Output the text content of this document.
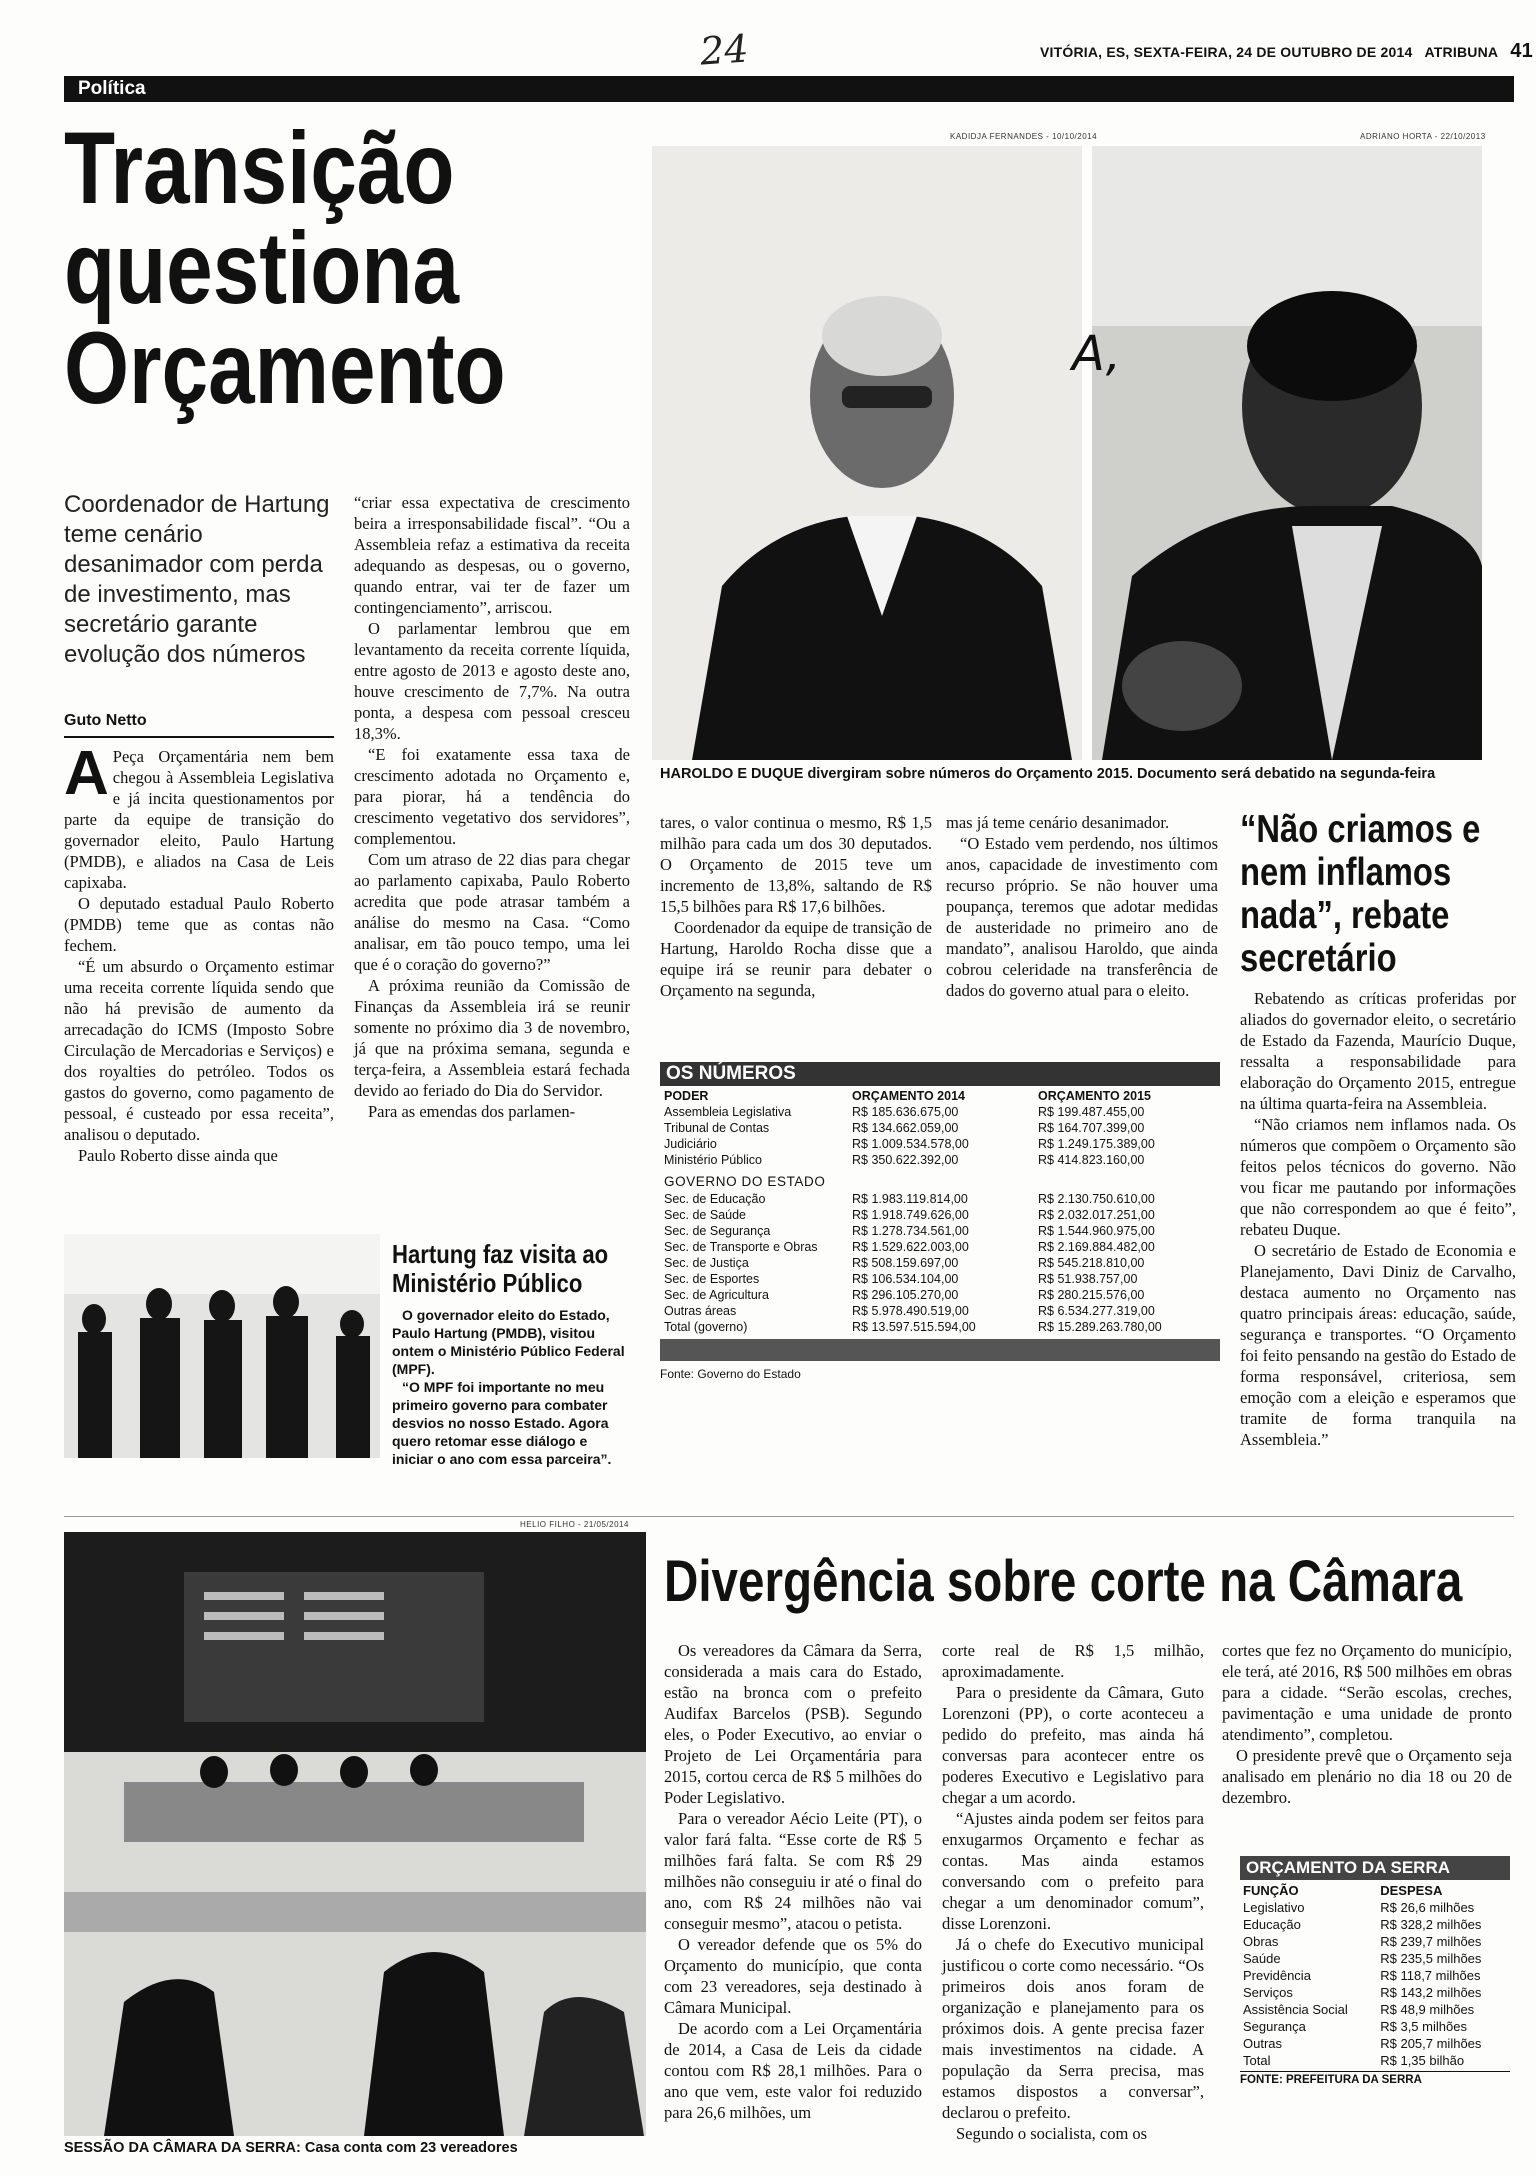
24	VITÓRIA, ES, SEXTA-FEIRA, 24 DE OUTUBRO DE 2014 ATRIBUNA 41
Política
Transição
questiona
Orçamento
Coordenador de Hartung teme cenário desanimador com perda de investimento, mas secretário garante evolução dos números
Guto Netto

A Peça Orçamentária nem bem chegou à Assembleia Legislativa e já incita questionamentos por parte da equipe de transição do governador eleito, Paulo Hartung (PMDB), e aliados na Casa de Leis capixaba.

O deputado estadual Paulo Roberto (PMDB) teme que as contas não fechem.

“É um absurdo o Orçamento estimar uma receita corrente líquida sendo que não há previsão de aumento da arrecadação do ICMS (Imposto Sobre Circulação de Mercadorias e Serviços) e dos royalties do petróleo. Todos os gastos do governo, como pagamento de pessoal, é custeado por essa receita”, analisou o deputado.

Paulo Roberto disse ainda que

“criar essa expectativa de crescimento beira a irresponsabilidade fiscal”. “Ou a Assembleia refaz a estimativa da receita adequando as despesas, ou o governo, quando entrar, vai ter de fazer um contingenciamento”, arriscou.

O parlamentar lembrou que em levantamento da receita corrente líquida, entre agosto de 2013 e agosto deste ano, houve crescimento de 7,7%. Na outra ponta, a despesa com pessoal cresceu 18,3%.

“E foi exatamente essa taxa de crescimento adotada no Orçamento e, para piorar, há a tendência do crescimento vegetativo dos servidores”, complementou.

Com um atraso de 22 dias para chegar ao parlamento capixaba, Paulo Roberto acredita que pode atrasar também a análise do mesmo na Casa. “Como analisar, em tão pouco tempo, uma lei que é o coração do governo?”

A próxima reunião da Comissão de Finanças da Assembleia irá se reunir somente no próximo dia 3 de novembro, já que na próxima semana, segunda e terça-feira, a Assembleia estará fechada devido ao feriado do Dia do Servidor.

Para as emendas dos parlamen-

KADIDJA FERNANDES - 10/10/2014	ADRIANO HORTA - 22/10/2013
A,
HAROLDO E DUQUE divergiram sobre números do Orçamento 2015. Documento será debatido na segunda-feira

tares, o valor continua o mesmo, R$ 1,5 milhão para cada um dos 30 deputados. O Orçamento de 2015 teve um incremento de 13,8%, saltando de R$ 15,5 bilhões para R$ 17,6 bilhões.

Coordenador da equipe de transição de Hartung, Haroldo Rocha disse que a equipe irá se reunir para debater o Orçamento na segunda,

mas já teme cenário desanimador.

“O Estado vem perdendo, nos últimos anos, capacidade de investimento com recurso próprio. Se não houver uma poupança, teremos que adotar medidas de austeridade no primeiro ano de mandato”, analisou Haroldo, que ainda cobrou celeridade na transferência de dados do governo atual para o eleito.

OS NÚMEROS
PODER	ORÇAMENTO 2014	ORÇAMENTO 2015
Assembleia Legislativa	R$ 185.636.675,00	R$ 199.487.455,00
Tribunal de Contas	R$ 134.662.059,00	R$ 164.707.399,00
Judiciário	R$ 1.009.534.578,00	R$ 1.249.175.389,00
Ministério Público	R$ 350.622.392,00	R$ 414.823.160,00
GOVERNO DO ESTADO
Sec. de Educação	R$ 1.983.119.814,00	R$ 2.130.750.610,00
Sec. de Saúde	R$ 1.918.749.626,00	R$ 2.032.017.251,00
Sec. de Segurança	R$ 1.278.734.561,00	R$ 1.544.960.975,00
Sec. de Transporte e Obras	R$ 1.529.622.003,00	R$ 2.169.884.482,00
Sec. de Justiça	R$ 508.159.697,00	R$ 545.218.810,00
Sec. de Esportes	R$ 106.534.104,00	R$ 51.938.757,00
Sec. de Agricultura	R$ 296.105.270,00	R$ 280.215.576,00
Outras áreas	R$ 5.978.490.519,00	R$ 6.534.277.319,00
Total (governo)	R$ 13.597.515.594,00	R$ 15.289.263.780,00
Fonte: Governo do Estado
“Não criamos e nem inflamos nada”, rebate secretário

Rebatendo as críticas proferidas por aliados do governador eleito, o secretário de Estado da Fazenda, Maurício Duque, ressalta a responsabilidade para elaboração do Orçamento 2015, entregue na última quarta-feira na Assembleia.

“Não criamos nem inflamos nada. Os números que compõem o Orçamento são feitos pelos técnicos do governo. Não vou ficar me pautando por informações que não correspondem ao que é feito”, rebateu Duque.

O secretário de Estado de Economia e Planejamento, Davi Diniz de Carvalho, destaca aumento no Orçamento nas quatro principais áreas: educação, saúde, segurança e transportes. “O Orçamento foi feito pensando na gestão do Estado de forma responsável, criteriosa, sem emoção com a eleição e esperamos que tramite de forma tranquila na Assembleia.”

Hartung faz visita ao Ministério Público

O governador eleito do Estado, Paulo Hartung (PMDB), visitou ontem o Ministério Público Federal (MPF).

“O MPF foi importante no meu primeiro governo para combater desvios no nosso Estado. Agora quero retomar esse diálogo e iniciar o ano com essa parceira”.

HELIO FILHO - 21/05/2014
SESSÃO DA CÂMARA DA SERRA: Casa conta com 23 vereadores
Divergência sobre corte na Câmara

Os vereadores da Câmara da Serra, considerada a mais cara do Estado, estão na bronca com o prefeito Audifax Barcelos (PSB). Segundo eles, o Poder Executivo, ao enviar o Projeto de Lei Orçamentária para 2015, cortou cerca de R$ 5 milhões do Poder Legislativo.

Para o vereador Aécio Leite (PT), o valor fará falta. “Esse corte de R$ 5 milhões fará falta. Se com R$ 29 milhões não conseguiu ir até o final do ano, com R$ 24 milhões não vai conseguir mesmo”, atacou o petista.

O vereador defende que os 5% do Orçamento do município, que conta com 23 vereadores, seja destinado à Câmara Municipal.

De acordo com a Lei Orçamentária de 2014, a Casa de Leis da cidade contou com R$ 28,1 milhões. Para o ano que vem, este valor foi reduzido para 26,6 milhões, um

corte real de R$ 1,5 milhão, aproximadamente.

Para o presidente da Câmara, Guto Lorenzoni (PP), o corte aconteceu a pedido do prefeito, mas ainda há conversas para acontecer entre os poderes Executivo e Legislativo para chegar a um acordo.

“Ajustes ainda podem ser feitos para enxugarmos Orçamento e fechar as contas. Mas ainda estamos conversando com o prefeito para chegar a um denominador comum”, disse Lorenzoni.

Já o chefe do Executivo municipal justificou o corte como necessário. “Os primeiros dois anos foram de organização e planejamento para os próximos dois. A gente precisa fazer mais investimentos na cidade. A população da Serra precisa, mas estamos dispostos a conversar”, declarou o prefeito.

Segundo o socialista, com os

cortes que fez no Orçamento do município, ele terá, até 2016, R$ 500 milhões em obras para a cidade. “Serão escolas, creches, pavimentação e uma unidade de pronto atendimento”, completou.

O presidente prevê que o Orçamento seja analisado em plenário no dia 18 ou 20 de dezembro.

ORÇAMENTO DA SERRA
FUNÇÃO	DESPESA
Legislativo	R$ 26,6 milhões
Educação	R$ 328,2 milhões
Obras	R$ 239,7 milhões
Saúde	R$ 235,5 milhões
Previdência	R$ 118,7 milhões
Serviços	R$ 143,2 milhões
Assistência Social	R$ 48,9 milhões
Segurança	R$ 3,5 milhões
Outras	R$ 205,7 milhões
Total	R$ 1,35 bilhão
FONTE: PREFEITURA DA SERRA
